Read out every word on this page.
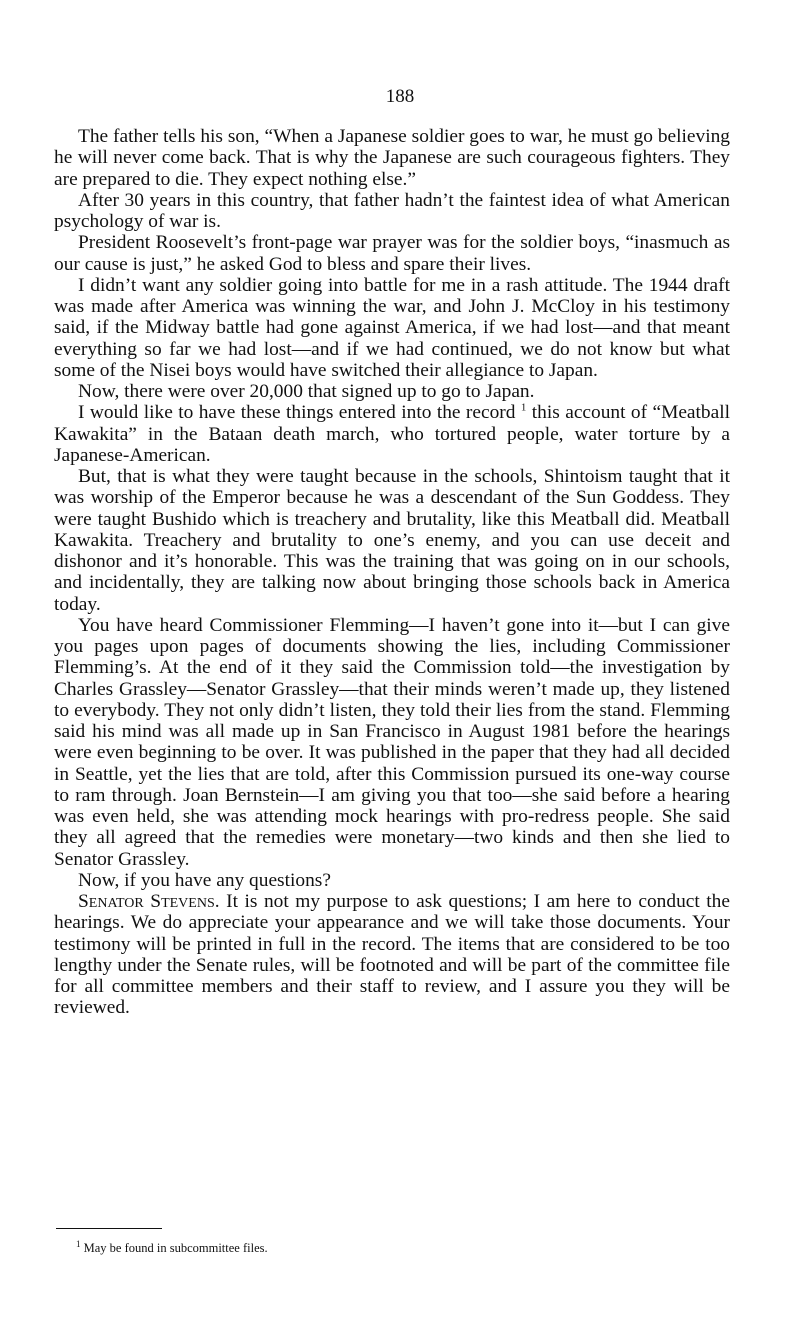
188

The father tells his son, “When a Japanese soldier goes to war, he must go believing he will never come back. That is why the Japanese are such courageous fighters. They are prepared to die. They expect nothing else.”

After 30 years in this country, that father hadn’t the faintest idea of what American psychology of war is.

President Roosevelt’s front-page war prayer was for the soldier boys, “inasmuch as our cause is just,” he asked God to bless and spare their lives.

I didn’t want any soldier going into battle for me in a rash attitude. The 1944 draft was made after America was winning the war, and John J. McCloy in his testimony said, if the Midway battle had gone against America, if we had lost—and that meant everything so far we had lost—and if we had continued, we do not know but what some of the Nisei boys would have switched their allegiance to Japan.

Now, there were over 20,000 that signed up to go to Japan.

I would like to have these things entered into the record $^1$ this account of “Meatball Kawakita” in the Bataan death march, who tortured people, water torture by a Japanese-American.

But, that is what they were taught because in the schools, Shintoism taught that it was worship of the Emperor because he was a descendant of the Sun Goddess. They were taught Bushido which is treachery and brutality, like this Meatball did. Meatball Kawakita. Treachery and brutality to one’s enemy, and you can use deceit and dishonor and it’s honorable. This was the training that was going on in our schools, and incidentally, they are talking now about bringing those schools back in America today.

You have heard Commissioner Flemming—I haven’t gone into it—but I can give you pages upon pages of documents showing the lies, including Commissioner Flemming’s. At the end of it they said the Commission told—the investigation by Charles Grassley—Senator Grassley—that their minds weren’t made up, they listened to everybody. They not only didn’t listen, they told their lies from the stand. Flemming said his mind was all made up in San Francisco in August 1981 before the hearings were even beginning to be over. It was published in the paper that they had all decided in Seattle, yet the lies that are told, after this Commission pursued its one-way course to ram through. Joan Bernstein—I am giving you that too—she said before a hearing was even held, she was attending mock hearings with pro-redress people. She said they all agreed that the remedies were monetary—two kinds and then she lied to Senator Grassley.

Now, if you have any questions?

Senator Stevens. It is not my purpose to ask questions; I am here to conduct the hearings. We do appreciate your appearance and we will take those documents. Your testimony will be printed in full in the record. The items that are considered to be too lengthy under the Senate rules, will be footnoted and will be part of the committee file for all committee members and their staff to review, and I assure you they will be reviewed.

$^1$ May be found in subcommittee files.
